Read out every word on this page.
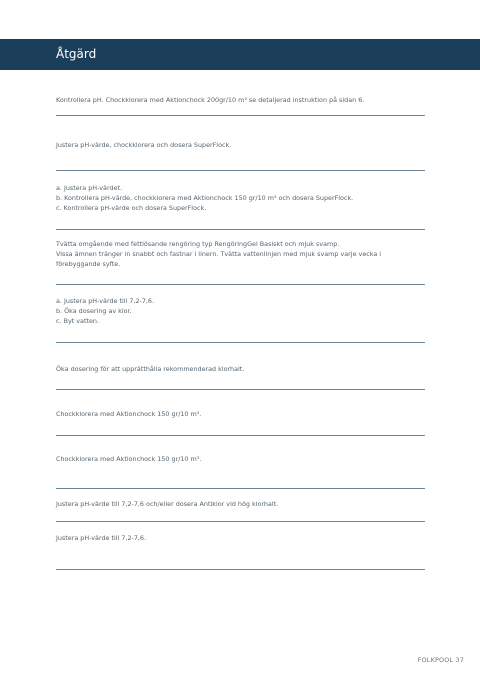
Åtgärd
Kontrollera pH. Chockklorera med Aktionchock 200gr/10 m³ se detaljerad instruktion på sidan 6.
Justera pH-värde, chockklorera och dosera SuperFlock.
a. Justera pH-värdet.
b. Kontrollera pH-värde, chockklorera med Aktionchock 150 gr/10 m³ och dosera SuperFlock.
c. Kontrollera pH-värde och dosera SuperFlock.
Tvätta omgående med fettlösande rengöring typ RengöringGel Basiskt och mjuk svamp.
Vissa ämnen tränger in snabbt och fastnar i linern. Tvätta vattenlinjen med mjuk svamp varje vecka i
förebyggande syfte.
a. Justera pH-värde till 7,2-7,6.
b. Öka dosering av klor.
c. Byt vatten.
Öka dosering för att upprätthålla rekommenderad klorhalt.
Chockklorera med Aktionchock 150 gr/10 m³.
Chockklorera med Aktionchock 150 gr/10 m³.
Justera pH-värde till 7,2-7,6 och/eller dosera Antiklor vid hög klorhalt.
Justera pH-värde till 7,2-7,6.
FOLKPOOL 37
